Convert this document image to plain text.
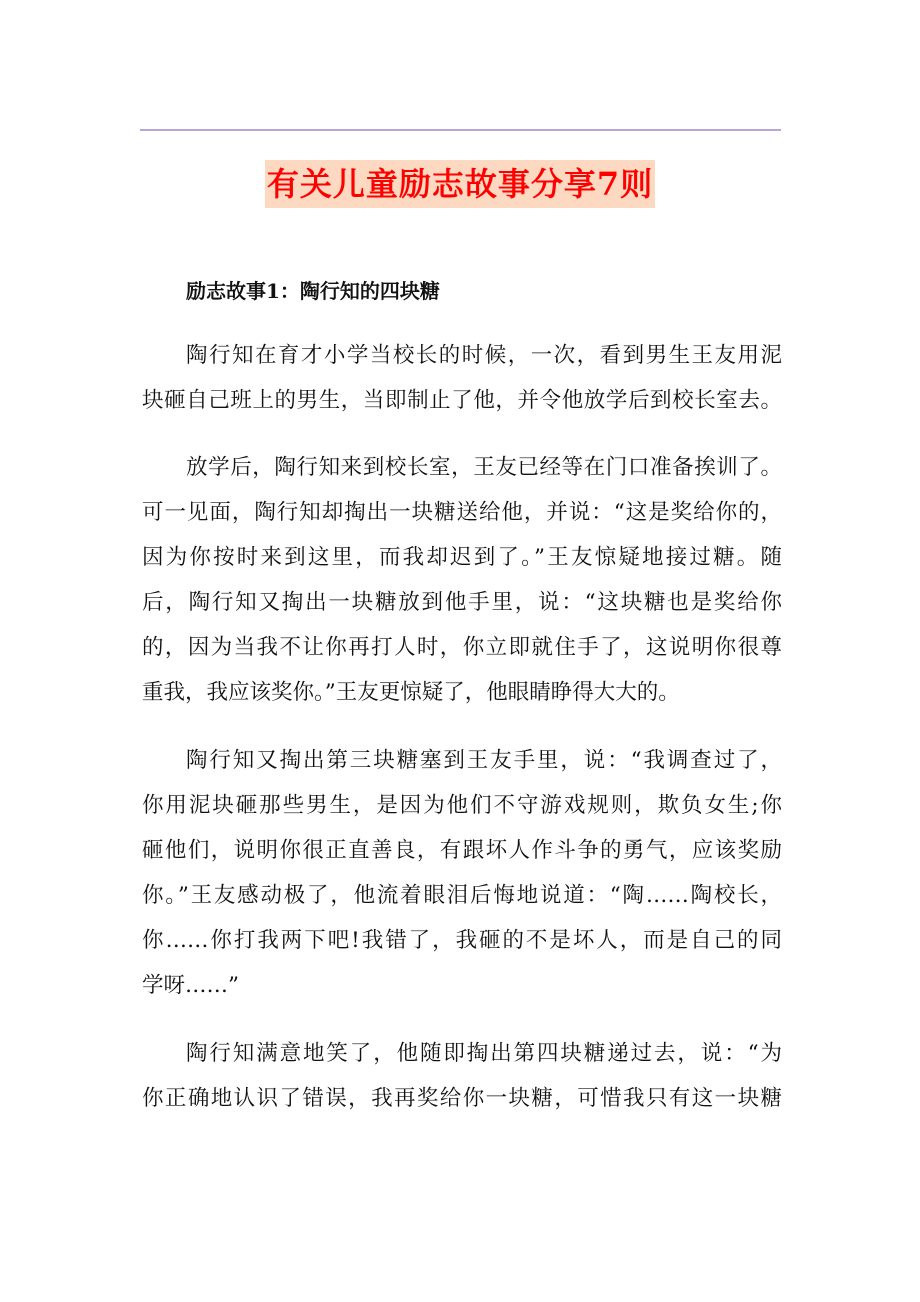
有关儿童励志故事分享7则
励志故事1：陶行知的四块糖
陶行知在育才小学当校长的时候，一次，看到男生王友用泥
块砸自己班上的男生，当即制止了他，并令他放学后到校长室去。
放学后，陶行知来到校长室，王友已经等在门口准备挨训了。
可一见面，陶行知却掏出一块糖送给他，并说：“这是奖给你的，
因为你按时来到这里，而我却迟到了。”王友惊疑地接过糖。随
后，陶行知又掏出一块糖放到他手里，说：“这块糖也是奖给你
的，因为当我不让你再打人时，你立即就住手了，这说明你很尊
重我，我应该奖你。”王友更惊疑了，他眼睛睁得大大的。
陶行知又掏出第三块糖塞到王友手里，说：“我调查过了，
你用泥块砸那些男生，是因为他们不守游戏规则，欺负女生;你
砸他们，说明你很正直善良，有跟坏人作斗争的勇气，应该奖励
你。”王友感动极了，他流着眼泪后悔地说道：“陶……陶校长，
你……你打我两下吧!我错了，我砸的不是坏人，而是自己的同
学呀……”
陶行知满意地笑了，他随即掏出第四块糖递过去，说：“为
你正确地认识了错误，我再奖给你一块糖，可惜我只有这一块糖
